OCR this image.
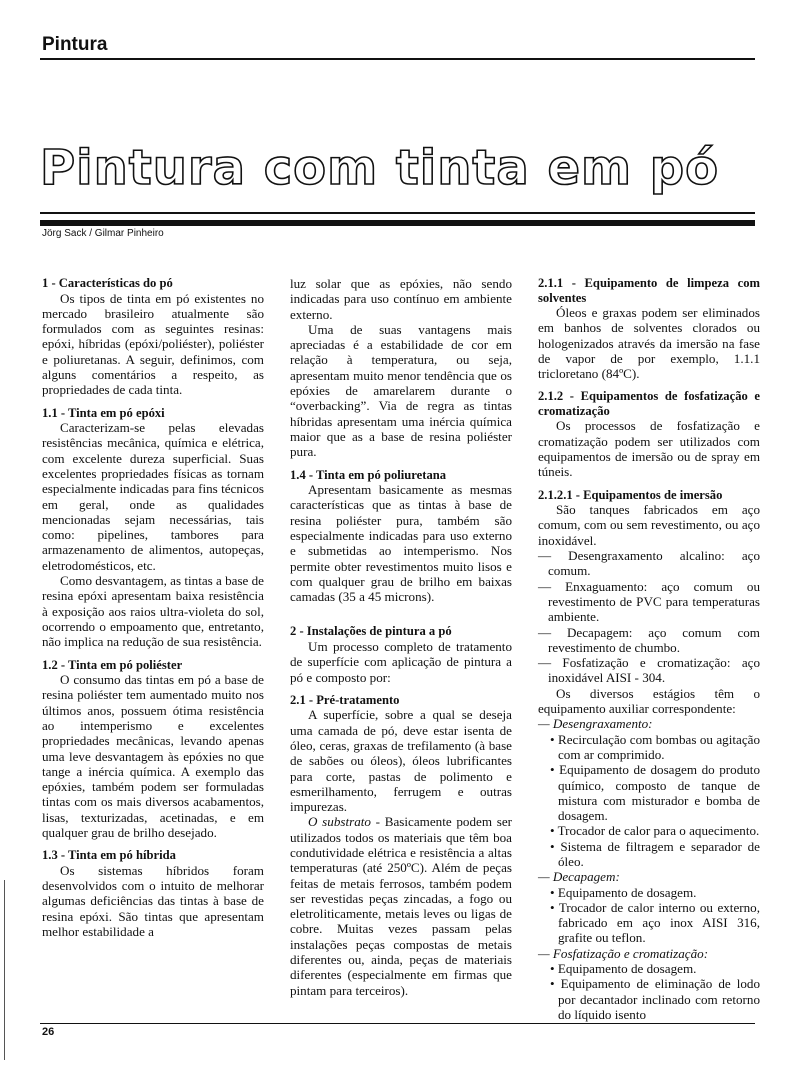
Pintura
Pintura com tinta em pó
Jörg Sack / Gilmar Pinheiro
1 - Características do pó
Os tipos de tinta em pó existentes no mercado brasileiro atualmente são formulados com as seguintes resinas: epóxi, híbridas (epóxi/poliéster), poliéster e poliuretanas. A seguir, definimos, com alguns comentários a respeito, as propriedades de cada tinta.
1.1 - Tinta em pó epóxi
Caracterizam-se pelas elevadas resistências mecânica, química e elétrica, com excelente dureza superficial. Suas excelentes propriedades físicas as tornam especialmente indicadas para fins técnicos em geral, onde as qualidades mencionadas sejam necessárias, tais como: pipelines, tambores para armazenamento de alimentos, autopeças, eletrodomésticos, etc.
Como desvantagem, as tintas a base de resina epóxi apresentam baixa resistência à exposição aos raios ultra-violeta do sol, ocorrendo o empoamento que, entretanto, não implica na redução de sua resistência.
1.2 - Tinta em pó poliéster
O consumo das tintas em pó a base de resina poliéster tem aumentado muito nos últimos anos, possuem ótima resistência ao intemperismo e excelentes propriedades mecânicas, levando apenas uma leve desvantagem às epóxies no que tange a inércia química. A exemplo das epóxies, também podem ser formuladas tintas com os mais diversos acabamentos, lisas, texturizadas, acetinadas, e em qualquer grau de brilho desejado.
1.3 - Tinta em pó híbrida
Os sistemas híbridos foram desenvolvidos com o intuito de melhorar algumas deficiências das tintas à base de resina epóxi. São tintas que apresentam melhor estabilidade a
luz solar que as epóxies, não sendo indicadas para uso contínuo em ambiente externo.
Uma de suas vantagens mais apreciadas é a estabilidade de cor em relação à temperatura, ou seja, apresentam muito menor tendência que os epóxies de amarelarem durante o “overbacking”. Via de regra as tintas híbridas apresentam uma inércia química maior que as a base de resina poliéster pura.
1.4 - Tinta em pó poliuretana
Apresentam basicamente as mesmas características que as tintas à base de resina poliéster pura, também são especialmente indicadas para uso externo e submetidas ao intemperismo. Nos permite obter revestimentos muito lisos e com qualquer grau de brilho em baixas camadas (35 a 45 microns).
2 - Instalações de pintura a pó
Um processo completo de tratamento de superfície com aplicação de pintura a pó e composto por:
2.1 - Pré-tratamento
A superfície, sobre a qual se deseja uma camada de pó, deve estar isenta de óleo, ceras, graxas de trefilamento (à base de sabões ou óleos), óleos lubrificantes para corte, pastas de polimento e esmerilhamento, ferrugem e outras impurezas.
O substrato - Basicamente podem ser utilizados todos os materiais que têm boa condutividade elétrica e resistência a altas temperaturas (até 250ºC). Além de peças feitas de metais ferrosos, também podem ser revestidas peças zincadas, a fogo ou eletroliticamente, metais leves ou ligas de cobre. Muitas vezes passam pelas instalações peças compostas de metais diferentes ou, ainda, peças de materiais diferentes (especialmente em firmas que pintam para terceiros).
2.1.1 - Equipamento de limpeza com solventes
Óleos e graxas podem ser eliminados em banhos de solventes clorados ou hologenizados através da imersão na fase de vapor de por exemplo, 1.1.1 tricloretano (84ºC).
2.1.2 - Equipamentos de fosfatização e cromatização
Os processos de fosfatização e cromatização podem ser utilizados com equipamentos de imersão ou de spray em túneis.
2.1.2.1 - Equipamentos de imersão
São tanques fabricados em aço comum, com ou sem revestimento, ou aço inoxidável.
— Desengraxamento alcalino: aço comum.
— Enxaguamento: aço comum ou revestimento de PVC para temperaturas ambiente.
— Decapagem: aço comum com revestimento de chumbo.
— Fosfatização e cromatização: aço inoxidável AISI - 304.
Os diversos estágios têm o equipamento auxiliar correspondente:
— Desengraxamento:
• Recirculação com bombas ou agitação com ar comprimido.
• Equipamento de dosagem do produto químico, composto de tanque de mistura com misturador e bomba de dosagem.
• Trocador de calor para o aquecimento.
• Sistema de filtragem e separador de óleo.
— Decapagem:
• Equipamento de dosagem.
• Trocador de calor interno ou externo, fabricado em aço inox AISI 316, grafite ou teflon.
— Fosfatização e cromatização:
• Equipamento de dosagem.
• Equipamento de eliminação de lodo por decantador inclinado com retorno do líquido isento
26
